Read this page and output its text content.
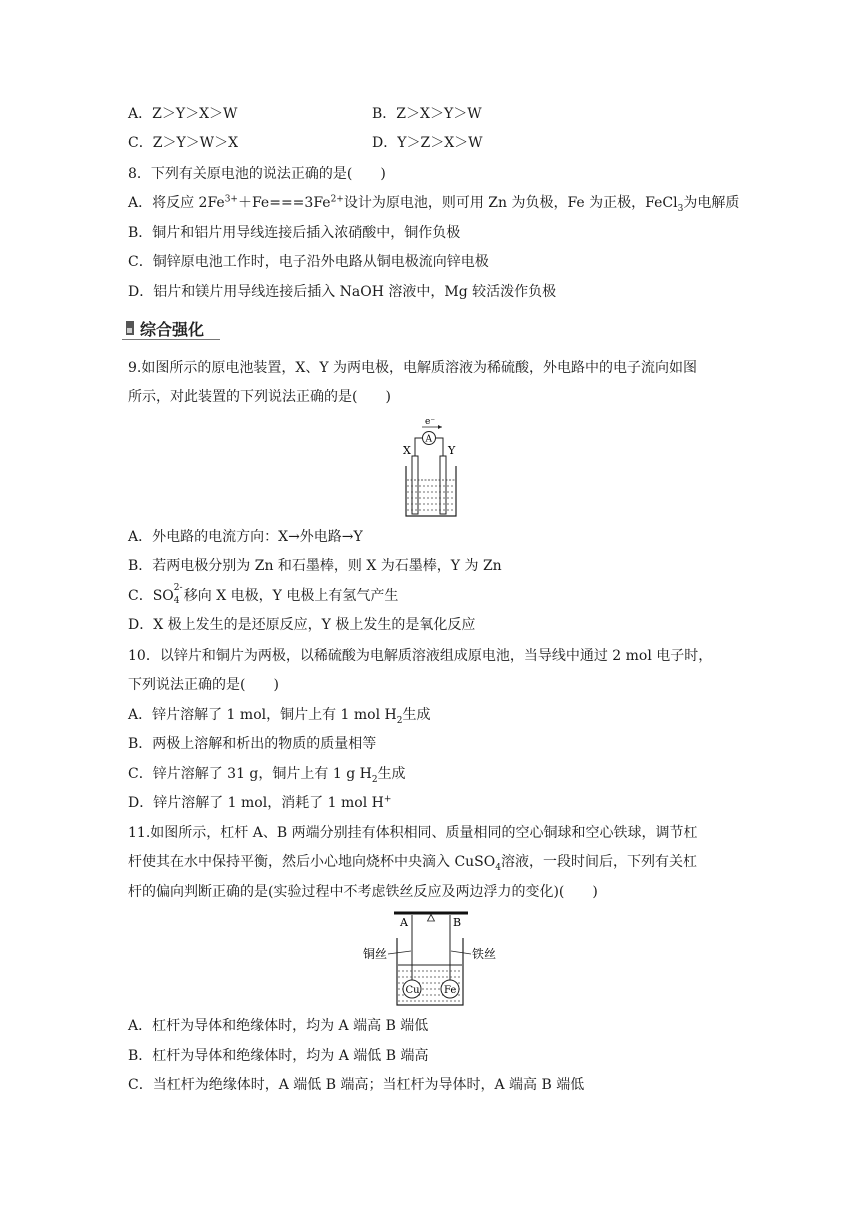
A．Z＞Y＞X＞W	B．Z＞X＞Y＞W
C．Z＞Y＞W＞X	D．Y＞Z＞X＞W
8．下列有关原电池的说法正确的是(　　)
A．将反应 $2Fe^{3+}+Fe===3Fe^{2+}$设计为原电池，则可用 Zn 为负极，Fe 为正极，FeCl$_3$为电解质
B．铜片和铝片用导线连接后插入浓硝酸中，铜作负极
C．铜锌原电池工作时，电子沿外电路从铜电极流向锌电极
D．铝片和镁片用导线连接后插入 NaOH 溶液中，Mg 较活泼作负极
综合强化
9.如图所示的原电池装置，X、Y 为两电极，电解质溶液为稀硫酸，外电路中的电子流向如图
所示，对此装置的下列说法正确的是(　　)
e⁻
A
X	Y
A．外电路的电流方向：X→外电路→Y
B．若两电极分别为 Zn 和石墨棒，则 X 为石墨棒，Y 为 Zn
C．SO 2-
4 移向 X 电极，Y 电极上有氢气产生
D．X 极上发生的是还原反应，Y 极上发生的是氧化反应
10．以锌片和铜片为两极，以稀硫酸为电解质溶液组成原电池，当导线中通过 2 mol 电子时，
下列说法正确的是(　　)
A．锌片溶解了 1 mol，铜片上有 1 mol $H_2$生成
B．两极上溶解和析出的物质的质量相等
C．锌片溶解了 31 g，铜片上有 1 g $H_2$生成
D．锌片溶解了 1 mol，消耗了 1 mol H+
11.如图所示，杠杆 A、B 两端分别挂有体积相同、质量相同的空心铜球和空心铁球，调节杠
杆使其在水中保持平衡，然后小心地向烧杯中央滴入 CuSO$_4$溶液，一段时间后，下列有关杠
杆的偏向判断正确的是(实验过程中不考虑铁丝反应及两边浮力的变化)(　　)
A	B
铜丝	铁丝
Cu Fe
A．杠杆为导体和绝缘体时，均为 A 端高 B 端低
B．杠杆为导体和绝缘体时，均为 A 端低 B 端高
C．当杠杆为绝缘体时，A 端低 B 端高；当杠杆为导体时，A 端高 B 端低
